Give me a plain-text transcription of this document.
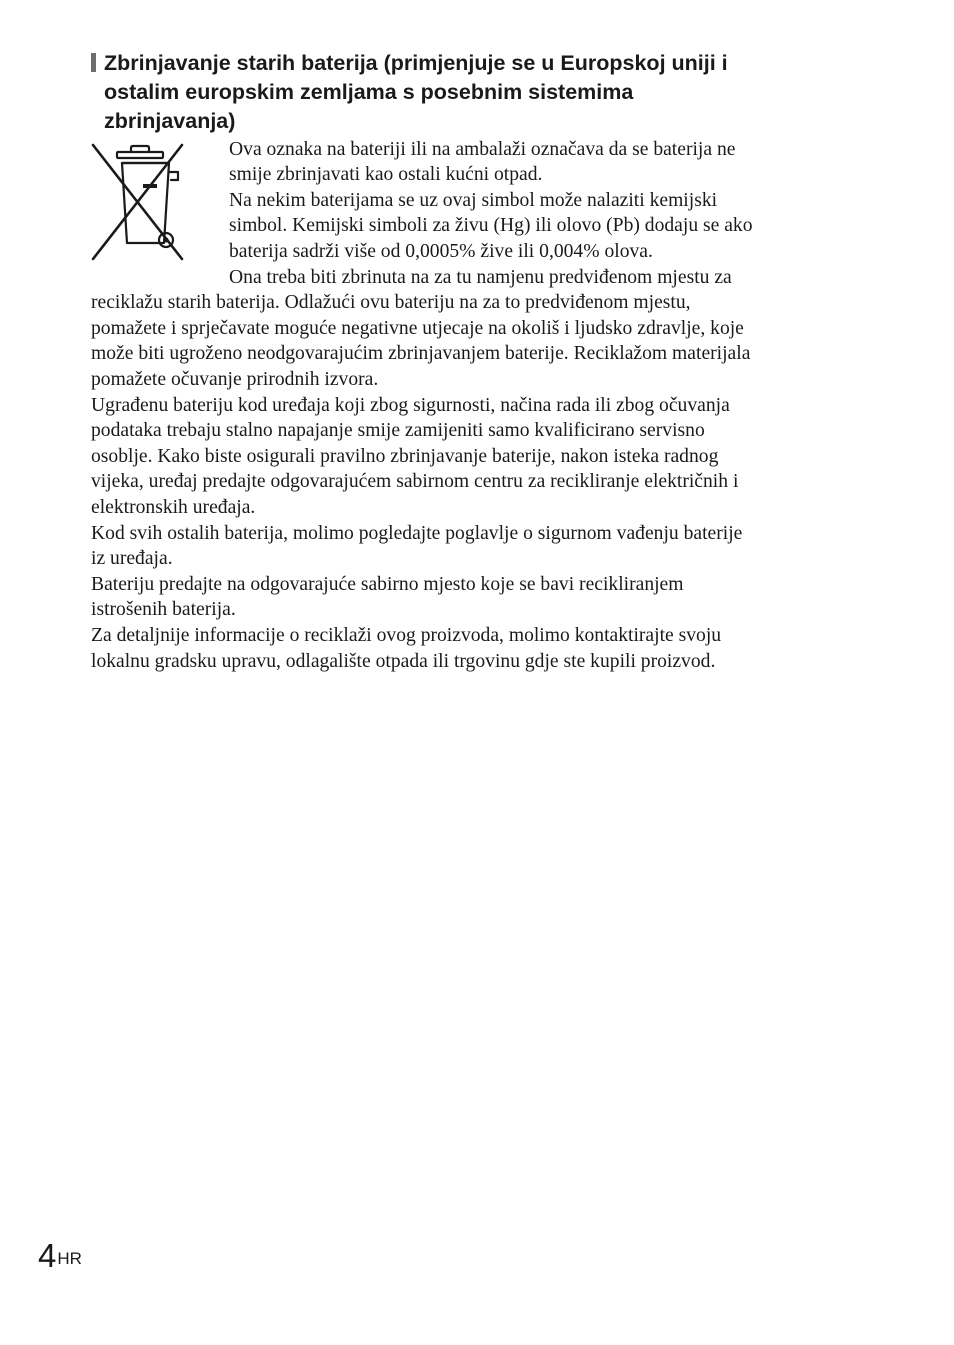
Zbrinjavanje starih baterija (primjenjuje se u Europskoj uniji i
ostalim europskim zemljama s posebnim sistemima
zbrinjavanja)
Ova oznaka na bateriji ili na ambalaži označava da se baterija ne
smije zbrinjavati kao ostali kućni otpad.
Na nekim baterijama se uz ovaj simbol može nalaziti kemijski
simbol. Kemijski simboli za živu (Hg) ili olovo (Pb) dodaju se ako
baterija sadrži više od 0,0005% žive ili 0,004% olova.
Ona treba biti zbrinuta na za tu namjenu predviđenom mjestu za
reciklažu starih baterija. Odlažući ovu bateriju na za to predviđenom mjestu,
pomažete i sprječavate moguće negativne utjecaje na okoliš i ljudsko zdravlje, koje
može biti ugroženo neodgovarajućim zbrinjavanjem baterije. Reciklažom materijala
pomažete očuvanje prirodnih izvora.
Ugrađenu bateriju kod uređaja koji zbog sigurnosti, načina rada ili zbog očuvanja
podataka trebaju stalno napajanje smije zamijeniti samo kvalificirano servisno
osoblje. Kako biste osigurali pravilno zbrinjavanje baterije, nakon isteka radnog
vijeka, uređaj predajte odgovarajućem sabirnom centru za recikliranje električnih i
elektronskih uređaja.
Kod svih ostalih baterija, molimo pogledajte poglavlje o sigurnom vađenju baterije
iz uređaja.
Bateriju predajte na odgovarajuće sabirno mjesto koje se bavi recikliranjem
istrošenih baterija.
Za detaljnije informacije o reciklaži ovog proizvoda, molimo kontaktirajte svoju
lokalnu gradsku upravu, odlagalište otpada ili trgovinu gdje ste kupili proizvod.
4 $^{HR}$
